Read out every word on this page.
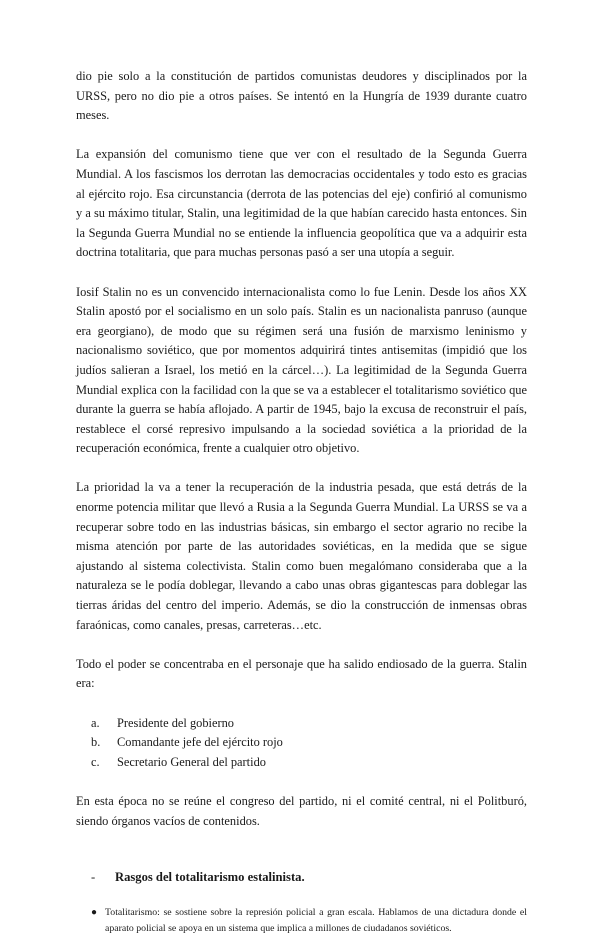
dio pie solo a la constitución de partidos comunistas deudores y disciplinados por la URSS, pero no dio pie a otros países. Se intentó en la Hungría de 1939 durante cuatro meses.

La expansión del comunismo tiene que ver con el resultado de la Segunda Guerra Mundial. A los fascismos los derrotan las democracias occidentales y todo esto es gracias al ejército rojo. Esa circunstancia (derrota de las potencias del eje) confirió al comunismo y a su máximo titular, Stalin, una legitimidad de la que habían carecido hasta entonces. Sin la Segunda Guerra Mundial no se entiende la influencia geopolítica que va a adquirir esta doctrina totalitaria, que para muchas personas pasó a ser una utopía a seguir.

Iosif Stalin no es un convencido internacionalista como lo fue Lenin. Desde los años XX Stalin apostó por el socialismo en un solo país. Stalin es un nacionalista panruso (aunque era georgiano), de modo que su régimen será una fusión de marxismo leninismo y nacionalismo soviético, que por momentos adquirirá tintes antisemitas (impidió que los judíos salieran a Israel, los metió en la cárcel…). La legitimidad de la Segunda Guerra Mundial explica con la facilidad con la que se va a establecer el totalitarismo soviético que durante la guerra se había aflojado. A partir de 1945, bajo la excusa de reconstruir el país, restablece el corsé represivo impulsando a la sociedad soviética a la prioridad de la recuperación económica, frente a cualquier otro objetivo.

La prioridad la va a tener la recuperación de la industria pesada, que está detrás de la enorme potencia militar que llevó a Rusia a la Segunda Guerra Mundial. La URSS se va a recuperar sobre todo en las industrias básicas, sin embargo el sector agrario no recibe la misma atención por parte de las autoridades soviéticas, en la medida que se sigue ajustando al sistema colectivista. Stalin como buen megalómano consideraba que a la naturaleza se le podía doblegar, llevando a cabo unas obras gigantescas para doblegar las tierras áridas del centro del imperio. Además, se dio la construcción de inmensas obras faraónicas, como canales, presas, carreteras…etc.

Todo el poder se concentraba en el personaje que ha salido endiosado de la guerra. Stalin era:

a.	Presidente del gobierno
b.	Comandante jefe del ejército rojo
c.	Secretario General del partido

En esta época no se reúne el congreso del partido, ni el comité central, ni el Politburó, siendo órganos vacíos de contenidos.

-	Rasgos del totalitarismo estalinista.
● Totalitarismo: se sostiene sobre la represión policial a gran escala. Hablamos de una dictadura donde el aparato policial se apoya en un sistema que implica a millones de ciudadanos soviéticos.
